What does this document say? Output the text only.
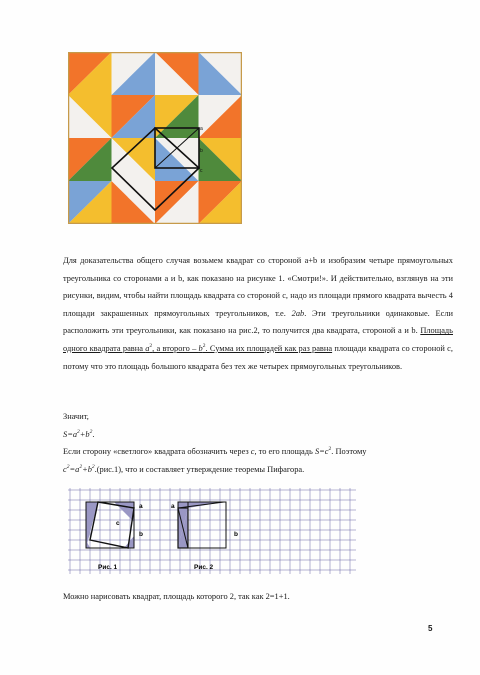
a
b
c

Для доказательства общего случая возьмем квадрат со стороной a+b и изобразим четыре прямоугольных треугольника со сторонами a и b, как показано на рисунке 1. «Смотри!». И действительно, взглянув на эти рисунки, видим, чтобы найти площадь квадрата со стороной c, надо из площади прямого квадрата вычесть 4 площади закрашенных прямоугольных треугольников, т.е. 2ab. Эти треугольники одинаковые. Если расположить эти треугольники, как показано на рис.2, то получится два квадрата, стороной a и b. Площадь одного квадрата равна $a^2$, а второго – $b^2$. Сумма их площадей как раз равна площади квадрата со стороной c, потому что это площадь большого квадрата без тех же четырех прямоугольных треугольников.

Значит,
$S=a^2+b^2$.
Если сторону «светлого» квадрата обозначить через c, то его площадь $S=c^2$. Поэтому
$c^2=a^2+b^2.(рис.1)$, что и составляет утверждение теоремы Пифагора.

a
b
c
a
b
Рис. 1	Рис. 2

Можно нарисовать квадрат, площадь которого 2, так как 2=1+1.

5
